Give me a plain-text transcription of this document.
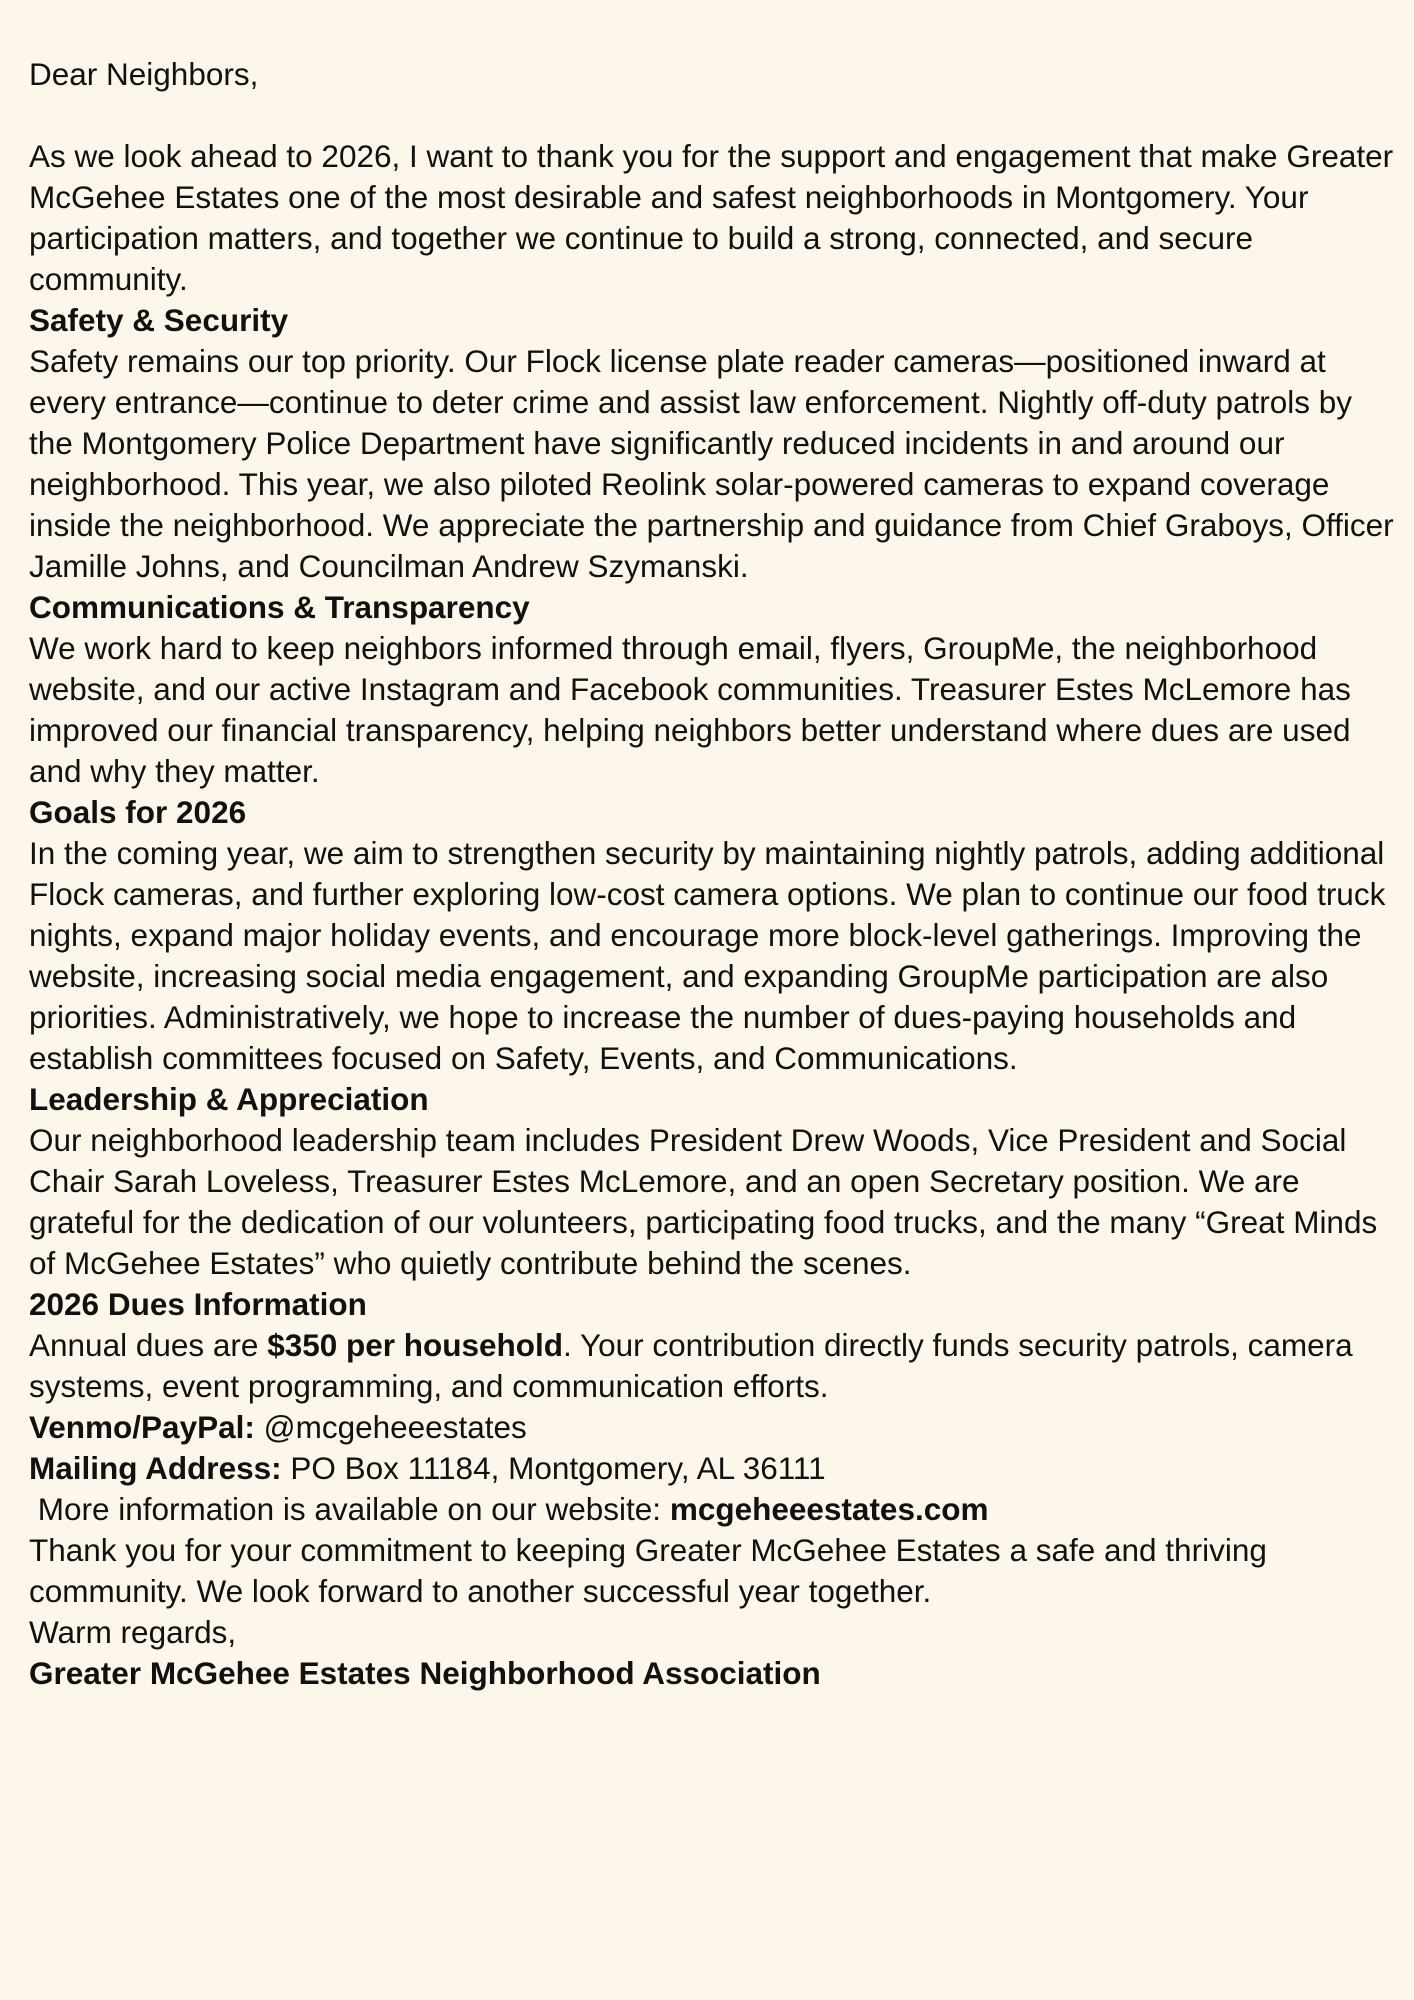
Dear Neighbors,

As we look ahead to 2026, I want to thank you for the support and engagement that make Greater McGehee Estates one of the most desirable and safest neighborhoods in Montgomery. Your participation matters, and together we continue to build a strong, connected, and secure community.

Safety & Security

Safety remains our top priority. Our Flock license plate reader cameras—positioned inward at every entrance—continue to deter crime and assist law enforcement. Nightly off-duty patrols by the Montgomery Police Department have significantly reduced incidents in and around our neighborhood. This year, we also piloted Reolink solar-powered cameras to expand coverage inside the neighborhood. We appreciate the partnership and guidance from Chief Graboys, Officer Jamille Johns, and Councilman Andrew Szymanski.

Communications & Transparency

We work hard to keep neighbors informed through email, flyers, GroupMe, the neighborhood website, and our active Instagram and Facebook communities. Treasurer Estes McLemore has improved our financial transparency, helping neighbors better understand where dues are used and why they matter.

Goals for 2026

In the coming year, we aim to strengthen security by maintaining nightly patrols, adding additional Flock cameras, and further exploring low-cost camera options. We plan to continue our food truck nights, expand major holiday events, and encourage more block-level gatherings. Improving the website, increasing social media engagement, and expanding GroupMe participation are also priorities. Administratively, we hope to increase the number of dues-paying households and establish committees focused on Safety, Events, and Communications.

Leadership & Appreciation

Our neighborhood leadership team includes President Drew Woods, Vice President and Social Chair Sarah Loveless, Treasurer Estes McLemore, and an open Secretary position. We are grateful for the dedication of our volunteers, participating food trucks, and the many “Great Minds of McGehee Estates” who quietly contribute behind the scenes.

2026 Dues Information

Annual dues are $350 per household. Your contribution directly funds security patrols, camera systems, event programming, and communication efforts.

Venmo/PayPal: @mcgeheeestates

Mailing Address: PO Box 11184, Montgomery, AL 36111

More information is available on our website: mcgeheeestates.com

Thank you for your commitment to keeping Greater McGehee Estates a safe and thriving community. We look forward to another successful year together.

Warm regards,

Greater McGehee Estates Neighborhood Association
